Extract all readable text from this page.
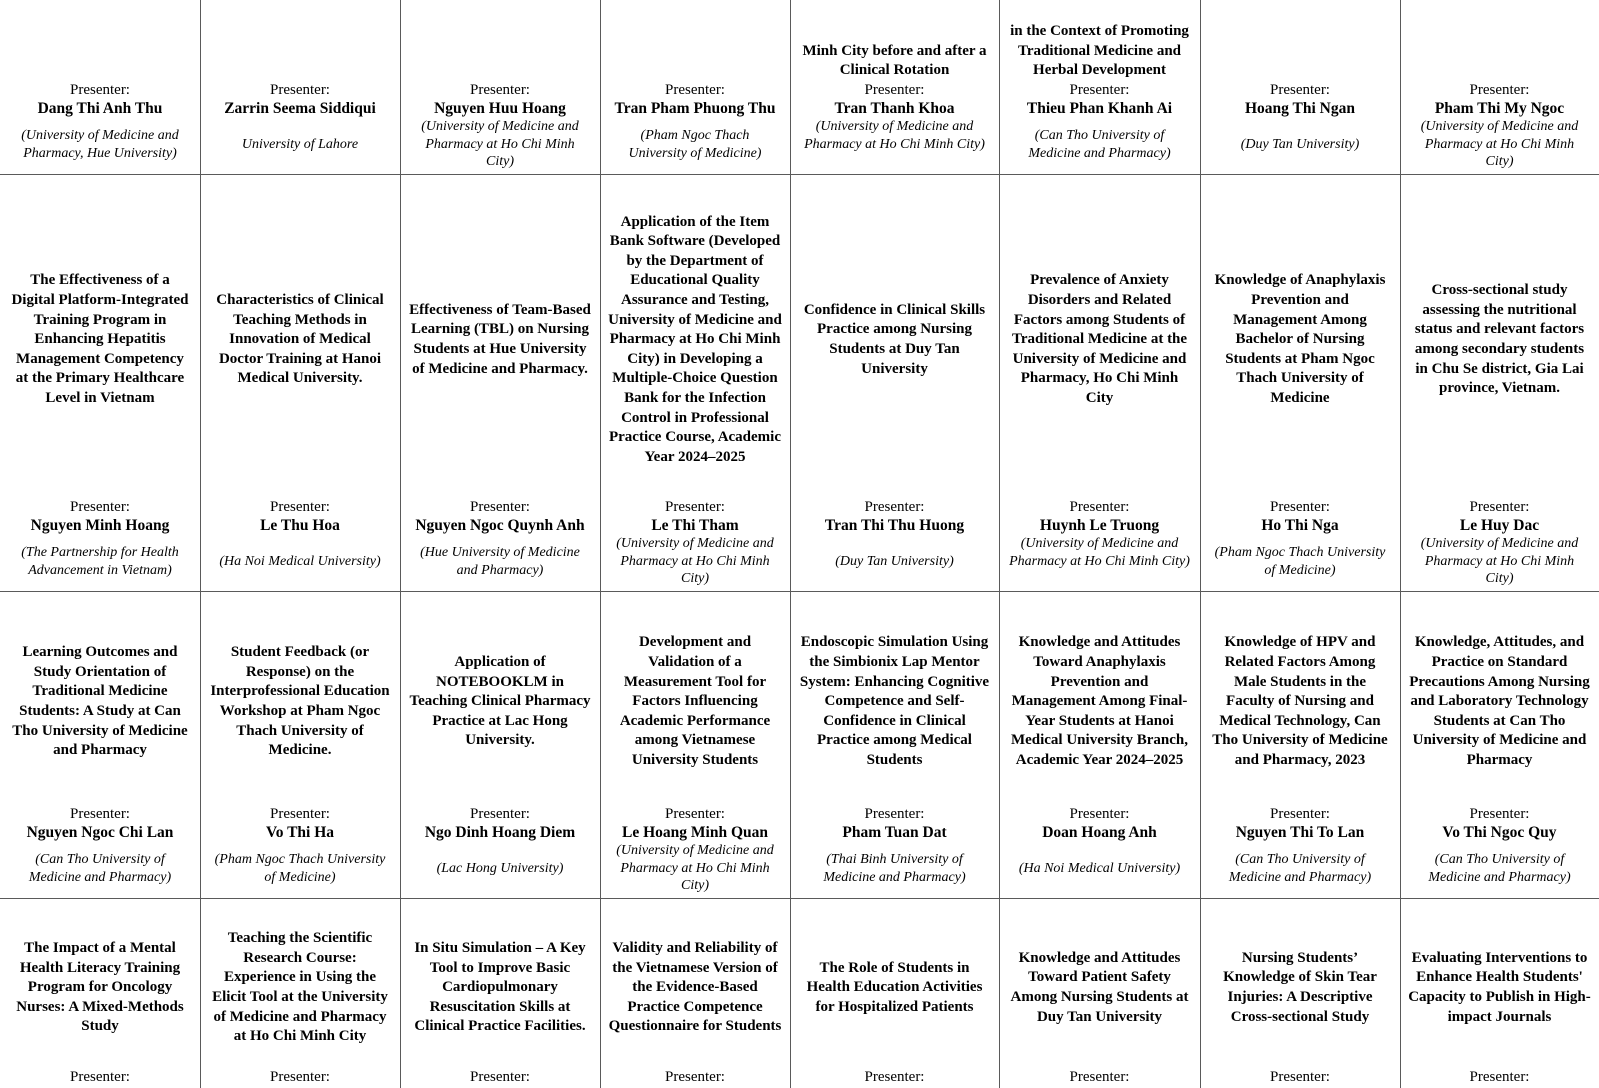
Presenter:
Dang Thi Anh Thu
(University of Medicine and Pharmacy, Hue University)
Presenter:
Zarrin Seema Siddiqui
University of Lahore
Presenter:
Nguyen Huu Hoang
(University of Medicine and Pharmacy at Ho Chi Minh City)
Presenter:
Tran Pham Phuong Thu
(Pham Ngoc Thach University of Medicine)
Minh City before and after a Clinical Rotation
Presenter:
Tran Thanh Khoa
(University of Medicine and Pharmacy at Ho Chi Minh City)
in the Context of Promoting Traditional Medicine and Herbal Development
Presenter:
Thieu Phan Khanh Ai
(Can Tho University of Medicine and Pharmacy)
Presenter:
Hoang Thi Ngan
(Duy Tan University)
Presenter:
Pham Thi My Ngoc
(University of Medicine and Pharmacy at Ho Chi Minh City)
The Effectiveness of a Digital Platform-Integrated Training Program in Enhancing Hepatitis Management Competency at the Primary Healthcare Level in Vietnam
Presenter:
Nguyen Minh Hoang
(The Partnership for Health Advancement in Vietnam)
Characteristics of Clinical Teaching Methods in Innovation of Medical Doctor Training at Hanoi Medical University.
Presenter:
Le Thu Hoa
(Ha Noi Medical University)
Effectiveness of Team-Based Learning (TBL) on Nursing Students at Hue University of Medicine and Pharmacy.
Presenter:
Nguyen Ngoc Quynh Anh
(Hue University of Medicine and Pharmacy)
Application of the Item Bank Software (Developed by the Department of Educational Quality Assurance and Testing, University of Medicine and Pharmacy at Ho Chi Minh City) in Developing a Multiple-Choice Question Bank for the Infection Control in Professional Practice Course, Academic Year 2024–2025
Presenter:
Le Thi Tham
(University of Medicine and Pharmacy at Ho Chi Minh City)
Confidence in Clinical Skills Practice among Nursing Students at Duy Tan University
Presenter:
Tran Thi Thu Huong
(Duy Tan University)
Prevalence of Anxiety Disorders and Related Factors among Students of Traditional Medicine at the University of Medicine and Pharmacy, Ho Chi Minh City
Presenter:
Huynh Le Truong
(University of Medicine and Pharmacy at Ho Chi Minh City)
Knowledge of Anaphylaxis Prevention and Management Among Bachelor of Nursing Students at Pham Ngoc Thach University of Medicine
Presenter:
Ho Thi Nga
(Pham Ngoc Thach University of Medicine)
Cross-sectional study assessing the nutritional status and relevant factors among secondary students in Chu Se district, Gia Lai province, Vietnam.
Presenter:
Le Huy Dac
(University of Medicine and Pharmacy at Ho Chi Minh City)
Learning Outcomes and Study Orientation of Traditional Medicine Students: A Study at Can Tho University of Medicine and Pharmacy
Presenter:
Nguyen Ngoc Chi Lan
(Can Tho University of Medicine and Pharmacy)
Student Feedback (or Response) on the Interprofessional Education Workshop at Pham Ngoc Thach University of Medicine.
Presenter:
Vo Thi Ha
(Pham Ngoc Thach University of Medicine)
Application of NOTEBOOKLM in Teaching Clinical Pharmacy Practice at Lac Hong University.
Presenter:
Ngo Dinh Hoang Diem
(Lac Hong University)
Development and Validation of a Measurement Tool for Factors Influencing Academic Performance among Vietnamese University Students
Presenter:
Le Hoang Minh Quan
(University of Medicine and Pharmacy at Ho Chi Minh City)
Endoscopic Simulation Using the Simbionix Lap Mentor System: Enhancing Cognitive Competence and Self-Confidence in Clinical Practice among Medical Students
Presenter:
Pham Tuan Dat
(Thai Binh University of Medicine and Pharmacy)
Knowledge and Attitudes Toward Anaphylaxis Prevention and Management Among Final-Year Students at Hanoi Medical University Branch, Academic Year 2024–2025
Presenter:
Doan Hoang Anh
(Ha Noi Medical University)
Knowledge of HPV and Related Factors Among Male Students in the Faculty of Nursing and Medical Technology, Can Tho University of Medicine and Pharmacy, 2023
Presenter:
Nguyen Thi To Lan
(Can Tho University of Medicine and Pharmacy)
Knowledge, Attitudes, and Practice on Standard Precautions Among Nursing and Laboratory Technology Students at Can Tho University of Medicine and Pharmacy
Presenter:
Vo Thi Ngoc Quy
(Can Tho University of Medicine and Pharmacy)
The Impact of a Mental Health Literacy Training Program for Oncology Nurses: A Mixed-Methods Study
Presenter:
Teaching the Scientific Research Course: Experience in Using the Elicit Tool at the University of Medicine and Pharmacy at Ho Chi Minh City
Presenter:
In Situ Simulation – A Key Tool to Improve Basic Cardiopulmonary Resuscitation Skills at Clinical Practice Facilities.
Presenter:
Validity and Reliability of the Vietnamese Version of the Evidence-Based Practice Competence Questionnaire for Students
Presenter:
The Role of Students in Health Education Activities for Hospitalized Patients
Presenter:
Knowledge and Attitudes Toward Patient Safety Among Nursing Students at Duy Tan University
Presenter:
Nursing Students’ Knowledge of Skin Tear Injuries: A Descriptive Cross-sectional Study
Presenter:
Evaluating Interventions to Enhance Health Students' Capacity to Publish in High-impact Journals
Presenter:
